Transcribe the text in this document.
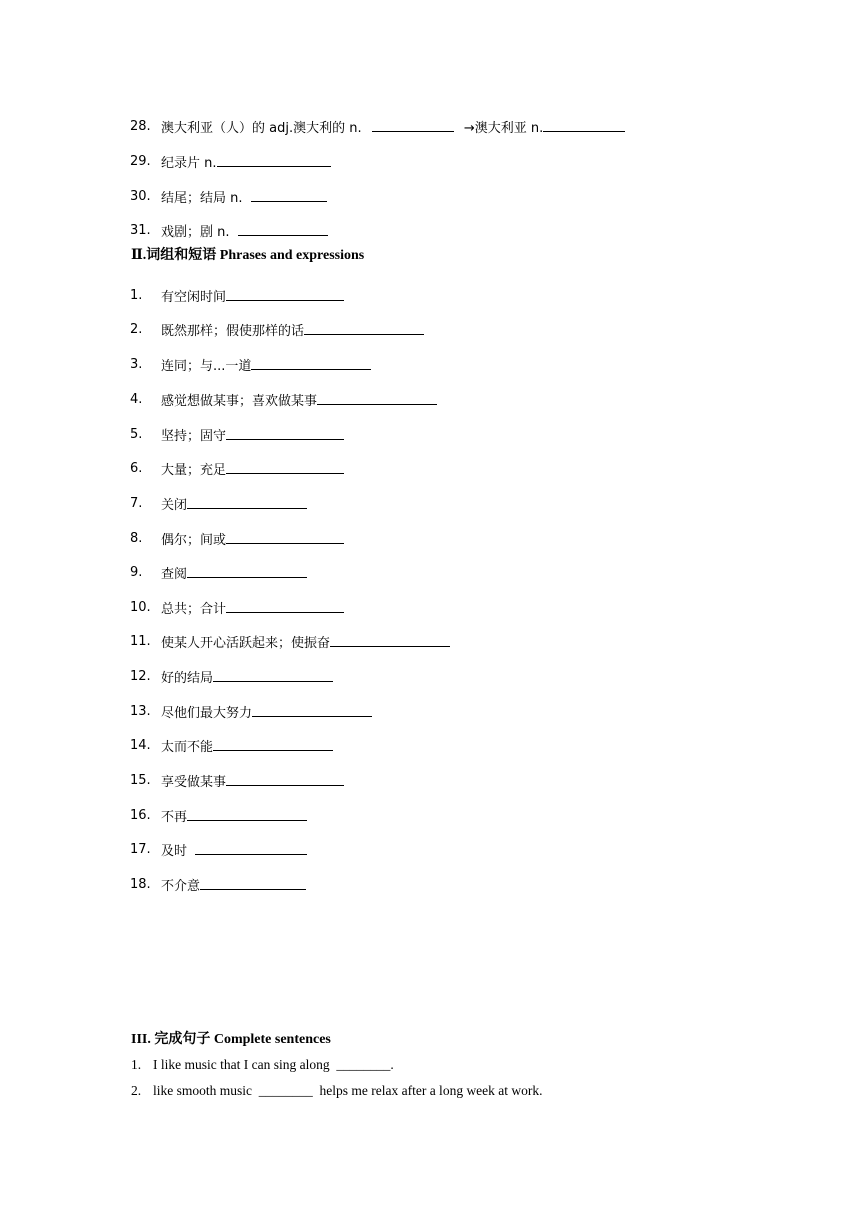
28. 澳大利亚（人）的 adj.澳大利的 n.	→澳大利亚 n.
29. 纪录片 n.
30. 结尾；结局 n.
31. 戏剧；剧 n.
Ⅱ.词组和短语 Phrases and expressions
1. 有空闲时间
2. 既然那样；假使那样的话
3. 连同；与...一道
4. 感觉想做某事；喜欢做某事
5. 坚持；固守
6. 大量；充足
7. 关闭
8. 偶尔；间或
9. 查阅
10. 总共；合计
11. 使某人开心活跃起来；使振奋
12. 好的结局
13. 尽他们最大努力
14. 太而不能
15. 享受做某事
16. 不再
17. 及时
18. 不介意
III. 完成句子 Complete sentences
1. I like music that I can sing along ________.
2. like smooth music ________ helps me relax after a long week at work.
